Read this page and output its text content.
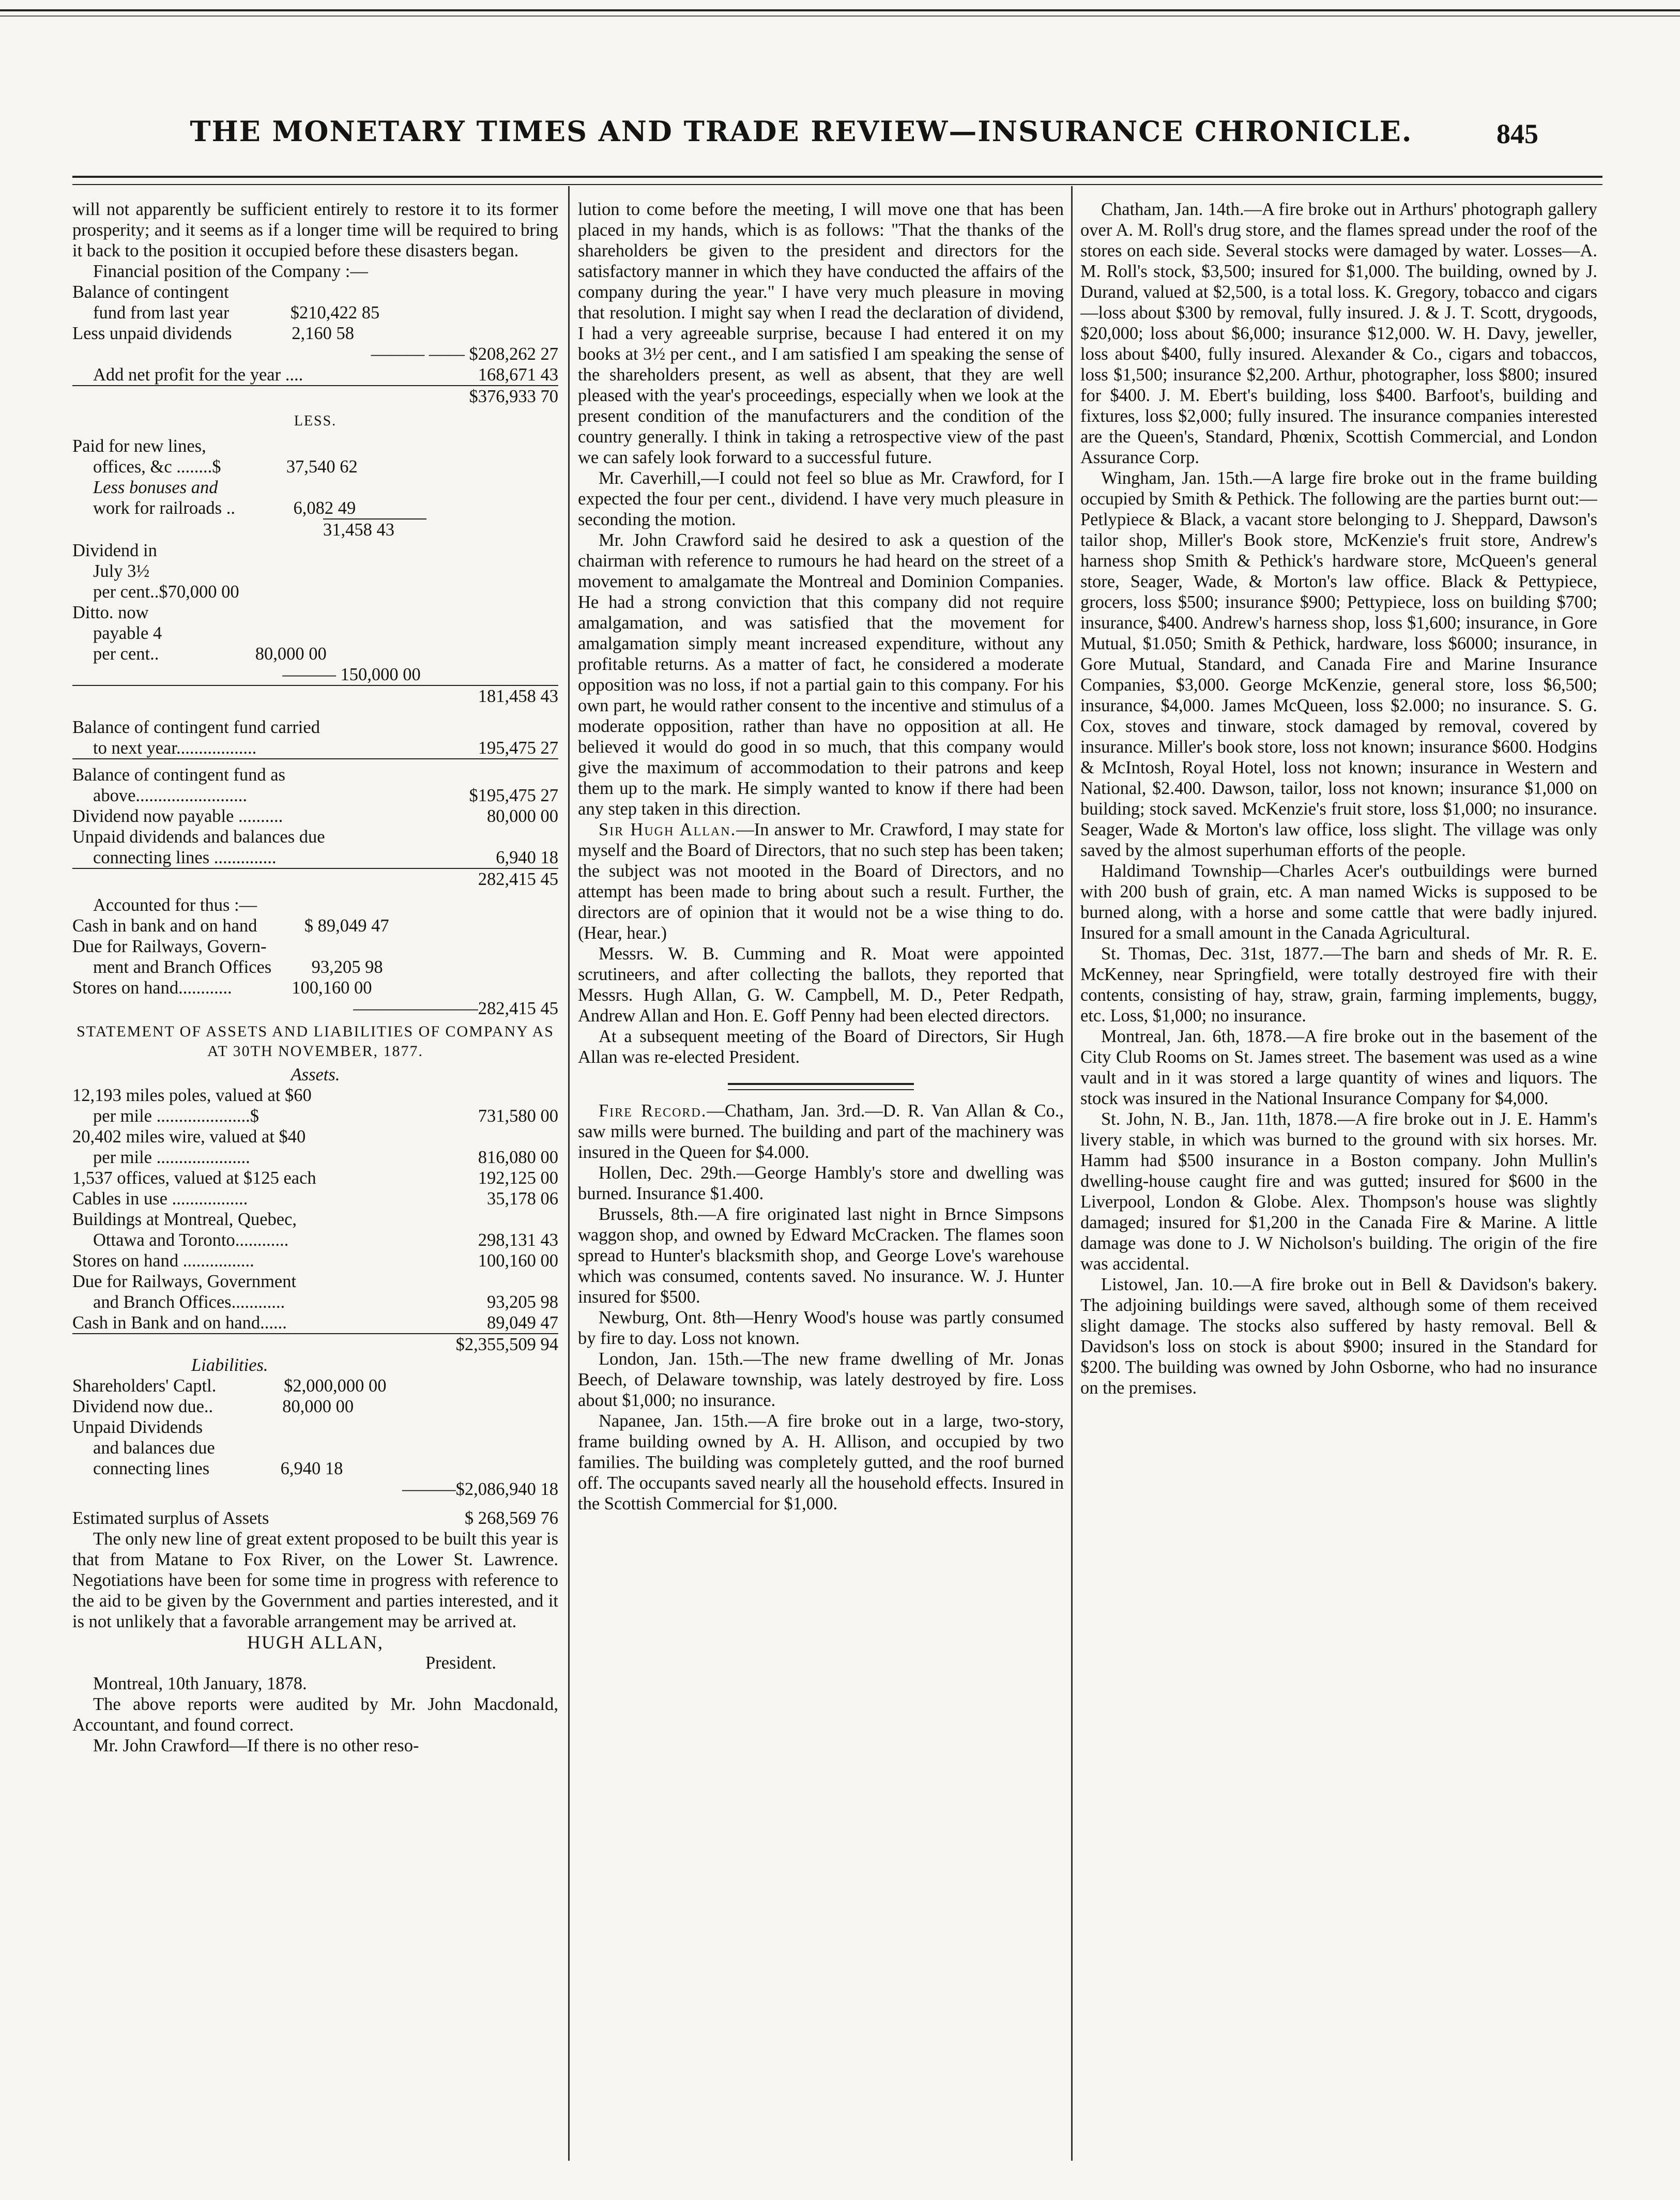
THE MONETARY TIMES AND TRADE REVIEW—INSURANCE CHRONICLE.	845

will not apparently be sufficient entirely to restore it to its former prosperity; and it seems as if a longer time will be required to bring it back to the position it occupied before these disasters began.

Financial position of the Company :—

Balance of contingent
fund from last year	$210,422 85
Less unpaid dividends	2,160 58
——— —— $208,262 27
Add net profit for the year ....	168,671 43
$376,933 70
LESS.
Paid for new lines,
offices, &c ........$	37,540 62
Less bonuses and
work for railroads ..	6,082 49
31,458 43
Dividend in
July 3½
per cent..$70,000 00
Ditto. now
payable 4
per cent..	80,000 00
——— 150,000 00
181,458 43
Balance of contingent fund carried
to next year..................	195,475 27
Balance of contingent fund as
above.........................	$195,475 27
Dividend now payable ..........	80,000 00
Unpaid dividends and balances due
connecting lines ..............	6,940 18
282,415 45
Accounted for thus :—
Cash in bank and on hand	$ 89,049 47
Due for Railways, Govern-
ment and Branch Offices 93,205 98
Stores on hand............	100,160 00
———————282,415 45
STATEMENT OF ASSETS AND LIABILITIES OF COMPANY AS AT 30TH NOVEMBER, 1877.
Assets.
12,193 miles poles, valued at $60
per mile .....................$	731,580 00
20,402 miles wire, valued at $40
per mile .....................	816,080 00
1,537 offices, valued at $125 each	192,125 00
Cables in use .................	35,178 06
Buildings at Montreal, Quebec,
Ottawa and Toronto............	298,131 43
Stores on hand ................	100,160 00
Due for Railways, Government
and Branch Offices............	93,205 98
Cash in Bank and on hand......	89,049 47
$2,355,509 94
Liabilities.
Shareholders' Captl.	$2,000,000 00
Dividend now due..	80,000 00
Unpaid Dividends
and balances due
connecting lines	6,940 18
———$2,086,940 18
Estimated surplus of Assets	$ 268,569 76

The only new line of great extent proposed to be built this year is that from Matane to Fox River, on the Lower St. Lawrence. Negotiations have been for some time in progress with reference to the aid to be given by the Government and parties interested, and it is not unlikely that a favorable arrangement may be arrived at.

HUGH ALLAN,
President.

Montreal, 10th January, 1878.

The above reports were audited by Mr. John Macdonald, Accountant, and found correct.

Mr. John Crawford—If there is no other reso-

lution to come before the meeting, I will move one that has been placed in my hands, which is as follows: "That the thanks of the shareholders be given to the president and directors for the satisfactory manner in which they have conducted the affairs of the company during the year." I have very much pleasure in moving that resolution. I might say when I read the declaration of dividend, I had a very agreeable surprise, because I had entered it on my books at 3½ per cent., and I am satisfied I am speaking the sense of the shareholders present, as well as absent, that they are well pleased with the year's proceedings, especially when we look at the present condition of the manufacturers and the condition of the country generally. I think in taking a retrospective view of the past we can safely look forward to a successful future.

Mr. Caverhill,—I could not feel so blue as Mr. Crawford, for I expected the four per cent., dividend. I have very much pleasure in seconding the motion.

Mr. John Crawford said he desired to ask a question of the chairman with reference to rumours he had heard on the street of a movement to amalgamate the Montreal and Dominion Companies. He had a strong conviction that this company did not require amalgamation, and was satisfied that the movement for amalgamation simply meant increased expenditure, without any profitable returns. As a matter of fact, he considered a moderate opposition was no loss, if not a partial gain to this company. For his own part, he would rather consent to the incentive and stimulus of a moderate opposition, rather than have no opposition at all. He believed it would do good in so much, that this company would give the maximum of accommodation to their patrons and keep them up to the mark. He simply wanted to know if there had been any step taken in this direction.

Sir Hugh Allan.—In answer to Mr. Crawford, I may state for myself and the Board of Directors, that no such step has been taken; the subject was not mooted in the Board of Directors, and no attempt has been made to bring about such a result. Further, the directors are of opinion that it would not be a wise thing to do. (Hear, hear.)

Messrs. W. B. Cumming and R. Moat were appointed scrutineers, and after collecting the ballots, they reported that Messrs. Hugh Allan, G. W. Campbell, M. D., Peter Redpath, Andrew Allan and Hon. E. Goff Penny had been elected directors.

At a subsequent meeting of the Board of Directors, Sir Hugh Allan was re-elected President.

Fire Record.—Chatham, Jan. 3rd.—D. R. Van Allan & Co., saw mills were burned. The building and part of the machinery was insured in the Queen for $4.000.

Hollen, Dec. 29th.—George Hambly's store and dwelling was burned. Insurance $1.400.

Brussels, 8th.—A fire originated last night in Brnce Simpsons waggon shop, and owned by Edward McCracken. The flames soon spread to Hunter's blacksmith shop, and George Love's warehouse which was consumed, contents saved. No insurance. W. J. Hunter insured for $500.

Newburg, Ont. 8th—Henry Wood's house was partly consumed by fire to day. Loss not known.

London, Jan. 15th.—The new frame dwelling of Mr. Jonas Beech, of Delaware township, was lately destroyed by fire. Loss about $1,000; no insurance.

Napanee, Jan. 15th.—A fire broke out in a large, two-story, frame building owned by A. H. Allison, and occupied by two families. The building was completely gutted, and the roof burned off. The occupants saved nearly all the household effects. Insured in the Scottish Commercial for $1,000.

Chatham, Jan. 14th.—A fire broke out in Arthurs' photograph gallery over A. M. Roll's drug store, and the flames spread under the roof of the stores on each side. Several stocks were damaged by water. Losses—A. M. Roll's stock, $3,500; insured for $1,000. The building, owned by J. Durand, valued at $2,500, is a total loss. K. Gregory, tobacco and cigars—loss about $300 by removal, fully insured. J. & J. T. Scott, drygoods, $20,000; loss about $6,000; insurance $12,000. W. H. Davy, jeweller, loss about $400, fully insured. Alexander & Co., cigars and tobaccos, loss $1,500; insurance $2,200. Arthur, photographer, loss $800; insured for $400. J. M. Ebert's building, loss $400. Barfoot's, building and fixtures, loss $2,000; fully insured. The insurance companies interested are the Queen's, Standard, Phœnix, Scottish Commercial, and London Assurance Corp.

Wingham, Jan. 15th.—A large fire broke out in the frame building occupied by Smith & Pethick. The following are the parties burnt out:—Petlypiece & Black, a vacant store belonging to J. Sheppard, Dawson's tailor shop, Miller's Book store, McKenzie's fruit store, Andrew's harness shop Smith & Pethick's hardware store, McQueen's general store, Seager, Wade, & Morton's law office. Black & Pettypiece, grocers, loss $500; insurance $900; Pettypiece, loss on building $700; insurance, $400. Andrew's harness shop, loss $1,600; insurance, in Gore Mutual, $1.050; Smith & Pethick, hardware, loss $6000; insurance, in Gore Mutual, Standard, and Canada Fire and Marine Insurance Companies, $3,000. George McKenzie, general store, loss $6,500; insurance, $4,000. James McQueen, loss $2.000; no insurance. S. G. Cox, stoves and tinware, stock damaged by removal, covered by insurance. Miller's book store, loss not known; insurance $600. Hodgins & McIntosh, Royal Hotel, loss not known; insurance in Western and National, $2.400. Dawson, tailor, loss not known; insurance $1,000 on building; stock saved. McKenzie's fruit store, loss $1,000; no insurance. Seager, Wade & Morton's law office, loss slight. The village was only saved by the almost superhuman efforts of the people.

Haldimand Township—Charles Acer's outbuildings were burned with 200 bush of grain, etc. A man named Wicks is supposed to be burned along, with a horse and some cattle that were badly injured. Insured for a small amount in the Canada Agricultural.

St. Thomas, Dec. 31st, 1877.—The barn and sheds of Mr. R. E. McKenney, near Springfield, were totally destroyed fire with their contents, consisting of hay, straw, grain, farming implements, buggy, etc. Loss, $1,000; no insurance.

Montreal, Jan. 6th, 1878.—A fire broke out in the basement of the City Club Rooms on St. James street. The basement was used as a wine vault and in it was stored a large quantity of wines and liquors. The stock was insured in the National Insurance Company for $4,000.

St. John, N. B., Jan. 11th, 1878.—A fire broke out in J. E. Hamm's livery stable, in which was burned to the ground with six horses. Mr. Hamm had $500 insurance in a Boston company. John Mullin's dwelling-house caught fire and was gutted; insured for $600 in the Liverpool, London & Globe. Alex. Thompson's house was slightly damaged; insured for $1,200 in the Canada Fire & Marine. A little damage was done to J. W Nicholson's building. The origin of the fire was accidental.

Listowel, Jan. 10.—A fire broke out in Bell & Davidson's bakery. The adjoining buildings were saved, although some of them received slight damage. The stocks also suffered by hasty removal. Bell & Davidson's loss on stock is about $900; insured in the Standard for $200. The building was owned by John Osborne, who had no insurance on the premises.
